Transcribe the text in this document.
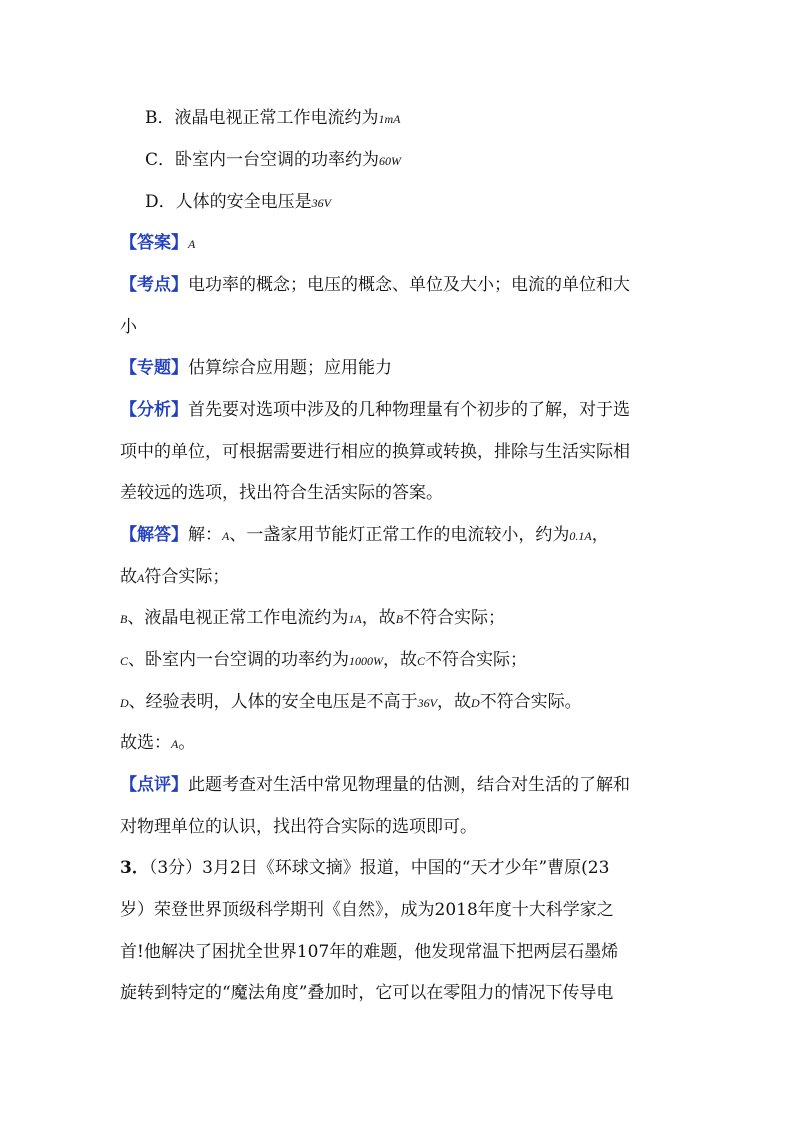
B．液晶电视正常工作电流约为1mA
C．卧室内一台空调的功率约为60W
D．人体的安全电压是36V
【答案】A
【考点】电功率的概念；电压的概念、单位及大小；电流的单位和大
小
【专题】估算综合应用题；应用能力
【分析】首先要对选项中涉及的几种物理量有个初步的了解，对于选
项中的单位，可根据需要进行相应的换算或转换，排除与生活实际相
差较远的选项，找出符合生活实际的答案。
【解答】解：A、一盏家用节能灯正常工作的电流较小，约为0.1A，
故A符合实际；
B、液晶电视正常工作电流约为1A，故B不符合实际；
C、卧室内一台空调的功率约为1000W，故C不符合实际；
D、经验表明，人体的安全电压是不高于36V，故D不符合实际。
故选：A。
【点评】此题考查对生活中常见物理量的估测，结合对生活的了解和
对物理单位的认识，找出符合实际的选项即可。
3．（3分）3月2日《环球文摘》报道，中国的“天才少年”曹原(23
岁）荣登世界顶级科学期刊《自然》，成为2018年度十大科学家之
首!他解决了困扰全世界107年的难题，他发现常温下把两层石墨烯
旋转到特定的“魔法角度”叠加时，它可以在零阻力的情况下传导电
